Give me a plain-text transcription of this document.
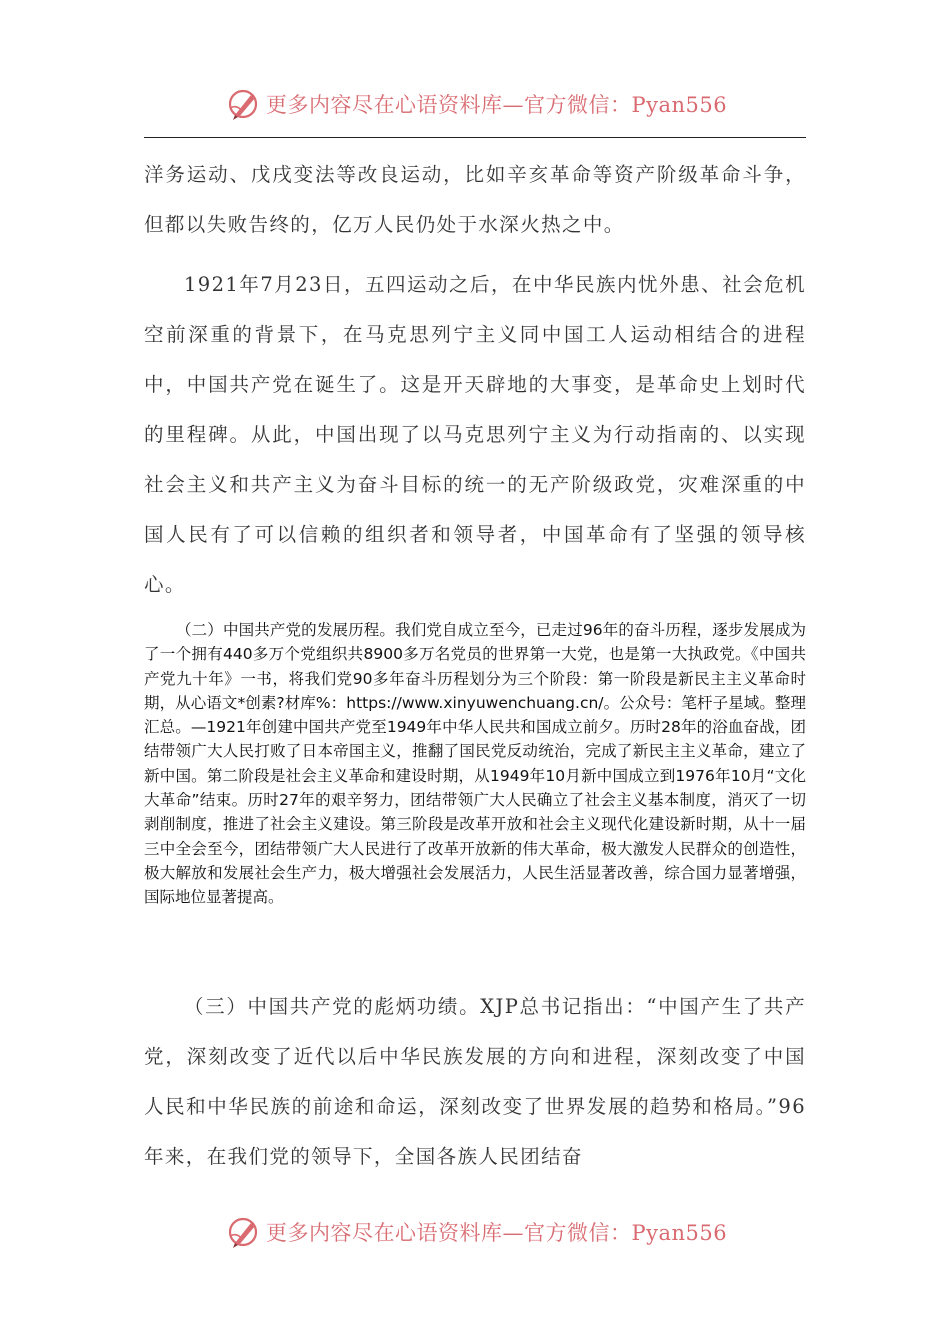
更多内容尽在心语资料库—官方微信：Pyan556

洋务运动、戊戌变法等改良运动，比如辛亥革命等资产阶级革命斗争，但都以失败告终的，亿万人民仍处于水深火热之中。

1921年7月23日，五四运动之后，在中华民族内忧外患、社会危机空前深重的背景下，在马克思列宁主义同中国工人运动相结合的进程中，中国共产党在诞生了。这是开天辟地的大事变，是革命史上划时代的里程碑。从此，中国出现了以马克思列宁主义为行动指南的、以实现社会主义和共产主义为奋斗目标的统一的无产阶级政党，灾难深重的中国人民有了可以信赖的组织者和领导者，中国革命有了坚强的领导核心。

（二）中国共产党的发展历程。我们党自成立至今，已走过96年的奋斗历程，逐步发展成为了一个拥有440多万个党组织共8900多万名党员的世界第一大党，也是第一大执政党。《中国共产党九十年》一书，将我们党90多年奋斗历程划分为三个阶段：第一阶段是新民主主义革命时期，从心语文*创素?材库%：https://www.xinyuwenchuang.cn/。公众号：笔杆子星域。整理汇总。—1921年创建中国共产党至1949年中华人民共和国成立前夕。历时28年的浴血奋战，团结带领广大人民打败了日本帝国主义，推翻了国民党反动统治，完成了新民主主义革命，建立了新中国。第二阶段是社会主义革命和建设时期，从1949年10月新中国成立到1976年10月“文化大革命”结束。历时27年的艰辛努力，团结带领广大人民确立了社会主义基本制度，消灭了一切剥削制度，推进了社会主义建设。第三阶段是改革开放和社会主义现代化建设新时期，从十一届三中全会至今，团结带领广大人民进行了改革开放新的伟大革命，极大激发人民群众的创造性，极大解放和发展社会生产力，极大增强社会发展活力，人民生活显著改善，综合国力显著增强，国际地位显著提高。

（三）中国共产党的彪炳功绩。XJP总书记指出：“中国产生了共产党，深刻改变了近代以后中华民族发展的方向和进程，深刻改变了中国人民和中华民族的前途和命运，深刻改变了世界发展的趋势和格局。”96年来，在我们党的领导下，全国各族人民团结奋

更多内容尽在心语资料库—官方微信：Pyan556
